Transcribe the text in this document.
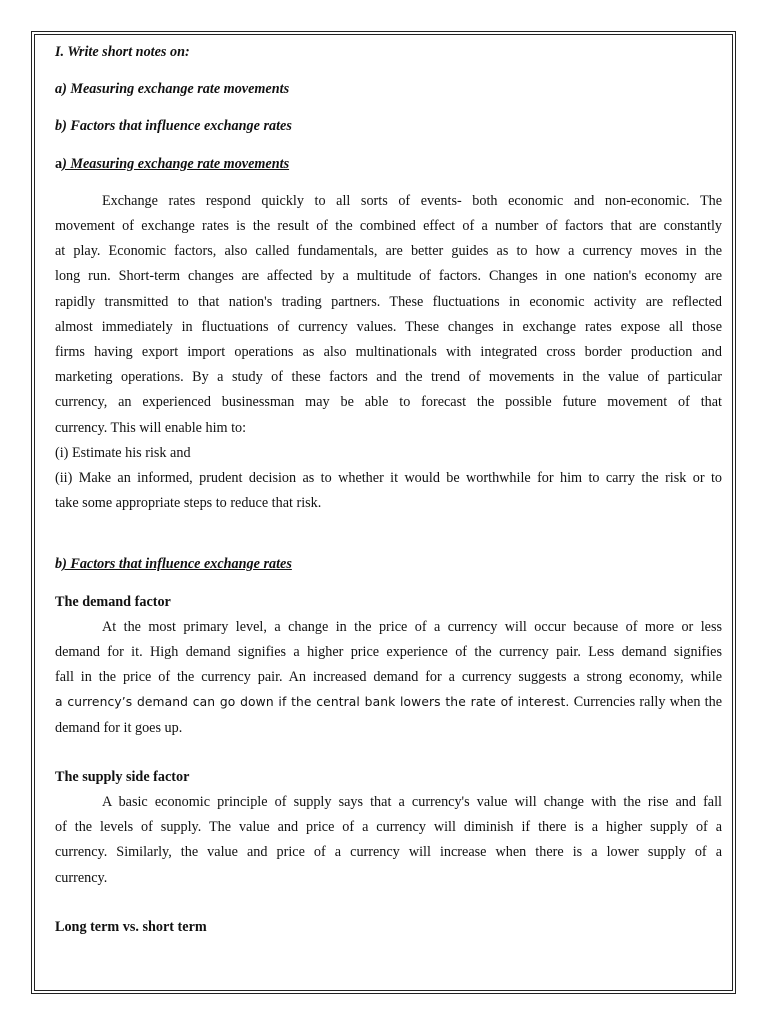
I. Write short notes on:

a) Measuring exchange rate movements

b) Factors that influence exchange rates

a) Measuring exchange rate movements

Exchange rates respond quickly to all sorts of events- both economic and non-economic. The
movement of exchange rates is the result of the combined effect of a number of factors that are constantly
at play. Economic factors, also called fundamentals, are better guides as to how a currency moves in the
long run. Short-term changes are affected by a multitude of factors. Changes in one nation's economy are
rapidly transmitted to that nation's trading partners. These fluctuations in economic activity are reflected
almost immediately in fluctuations of currency values. These changes in exchange rates expose all those
firms having export import operations as also multinationals with integrated cross border production and
marketing operations. By a study of these factors and the trend of movements in the value of particular
currency, an experienced businessman may be able to forecast the possible future movement of that
currency. This will enable him to:
(i) Estimate his risk and
(ii) Make an informed, prudent decision as to whether it would be worthwhile for him to carry the risk or to
take some appropriate steps to reduce that risk.

b) Factors that influence exchange rates

The demand factor

At the most primary level, a change in the price of a currency will occur because of more or less
demand for it. High demand signifies a higher price experience of the currency pair. Less demand signifies
fall in the price of the currency pair. An increased demand for a currency suggests a strong economy, while
a currency’s demand can go down if the central bank lowers the rate of interest. Currencies rally when the
demand for it goes up.

The supply side factor

A basic economic principle of supply says that a currency's value will change with the rise and fall
of the levels of supply. The value and price of a currency will diminish if there is a higher supply of a
currency. Similarly, the value and price of a currency will increase when there is a lower supply of a
currency.

Long term vs. short term
